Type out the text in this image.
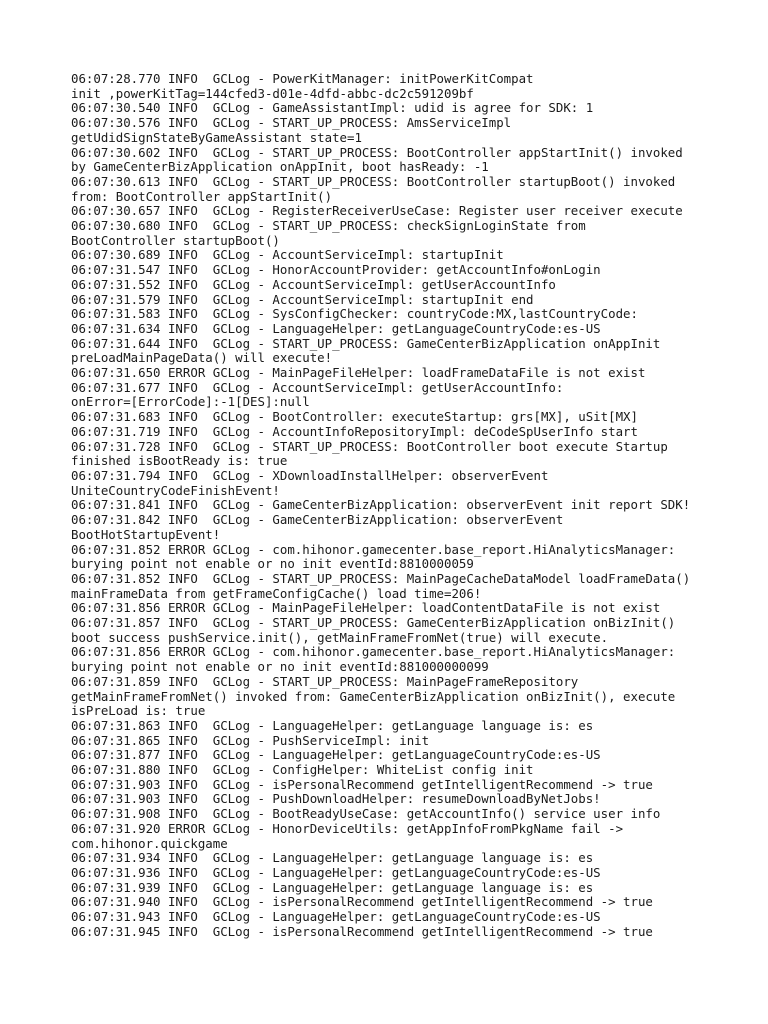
06:07:28.770 INFO  GCLog - PowerKitManager: initPowerKitCompat
init ,powerKitTag=144cfed3-d01e-4dfd-abbc-dc2c591209bf
06:07:30.540 INFO  GCLog - GameAssistantImpl: udid is agree for SDK: 1
06:07:30.576 INFO  GCLog - START_UP_PROCESS: AmsServiceImpl
getUdidSignStateByGameAssistant state=1
06:07:30.602 INFO  GCLog - START_UP_PROCESS: BootController appStartInit() invoked
by GameCenterBizApplication onAppInit, boot hasReady: -1
06:07:30.613 INFO  GCLog - START_UP_PROCESS: BootController startupBoot() invoked
from: BootController appStartInit()
06:07:30.657 INFO  GCLog - RegisterReceiverUseCase: Register user receiver execute
06:07:30.680 INFO  GCLog - START_UP_PROCESS: checkSignLoginState from
BootController startupBoot()
06:07:30.689 INFO  GCLog - AccountServiceImpl: startupInit
06:07:31.547 INFO  GCLog - HonorAccountProvider: getAccountInfo#onLogin
06:07:31.552 INFO  GCLog - AccountServiceImpl: getUserAccountInfo
06:07:31.579 INFO  GCLog - AccountServiceImpl: startupInit end
06:07:31.583 INFO  GCLog - SysConfigChecker: countryCode:MX,lastCountryCode:
06:07:31.634 INFO  GCLog - LanguageHelper: getLanguageCountryCode:es-US
06:07:31.644 INFO  GCLog - START_UP_PROCESS: GameCenterBizApplication onAppInit
preLoadMainPageData() will execute!
06:07:31.650 ERROR GCLog - MainPageFileHelper: loadFrameDataFile is not exist
06:07:31.677 INFO  GCLog - AccountServiceImpl: getUserAccountInfo:
onError=[ErrorCode]:-1[DES]:null
06:07:31.683 INFO  GCLog - BootController: executeStartup: grs[MX], uSit[MX]
06:07:31.719 INFO  GCLog - AccountInfoRepositoryImpl: deCodeSpUserInfo start
06:07:31.728 INFO  GCLog - START_UP_PROCESS: BootController boot execute Startup
finished isBootReady is: true
06:07:31.794 INFO  GCLog - XDownloadInstallHelper: observerEvent
UniteCountryCodeFinishEvent!
06:07:31.841 INFO  GCLog - GameCenterBizApplication: observerEvent init report SDK!
06:07:31.842 INFO  GCLog - GameCenterBizApplication: observerEvent
BootHotStartupEvent!
06:07:31.852 ERROR GCLog - com.hihonor.gamecenter.base_report.HiAnalyticsManager:
burying point not enable or no init eventId:8810000059
06:07:31.852 INFO  GCLog - START_UP_PROCESS: MainPageCacheDataModel loadFrameData()
mainFrameData from getFrameConfigCache() load time=206!
06:07:31.856 ERROR GCLog - MainPageFileHelper: loadContentDataFile is not exist
06:07:31.857 INFO  GCLog - START_UP_PROCESS: GameCenterBizApplication onBizInit()
boot success pushService.init(), getMainFrameFromNet(true) will execute.
06:07:31.856 ERROR GCLog - com.hihonor.gamecenter.base_report.HiAnalyticsManager:
burying point not enable or no init eventId:881000000099
06:07:31.859 INFO  GCLog - START_UP_PROCESS: MainPageFrameRepository
getMainFrameFromNet() invoked from: GameCenterBizApplication onBizInit(), execute
isPreLoad is: true
06:07:31.863 INFO  GCLog - LanguageHelper: getLanguage language is: es
06:07:31.865 INFO  GCLog - PushServiceImpl: init
06:07:31.877 INFO  GCLog - LanguageHelper: getLanguageCountryCode:es-US
06:07:31.880 INFO  GCLog - ConfigHelper: WhiteList config init
06:07:31.903 INFO  GCLog - isPersonalRecommend getIntelligentRecommend -> true
06:07:31.903 INFO  GCLog - PushDownloadHelper: resumeDownloadByNetJobs!
06:07:31.908 INFO  GCLog - BootReadyUseCase: getAccountInfo() service user info
06:07:31.920 ERROR GCLog - HonorDeviceUtils: getAppInfoFromPkgName fail ->
com.hihonor.quickgame
06:07:31.934 INFO  GCLog - LanguageHelper: getLanguage language is: es
06:07:31.936 INFO  GCLog - LanguageHelper: getLanguageCountryCode:es-US
06:07:31.939 INFO  GCLog - LanguageHelper: getLanguage language is: es
06:07:31.940 INFO  GCLog - isPersonalRecommend getIntelligentRecommend -> true
06:07:31.943 INFO  GCLog - LanguageHelper: getLanguageCountryCode:es-US
06:07:31.945 INFO  GCLog - isPersonalRecommend getIntelligentRecommend -> true
